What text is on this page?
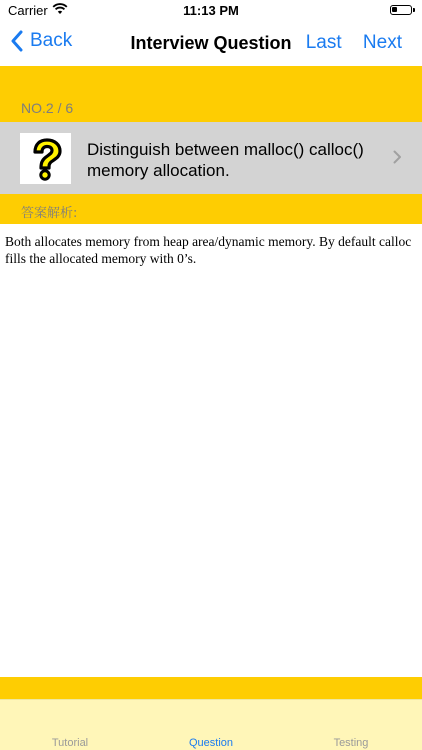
Carrier	11:13 PM
Back	Interview Question Last Next
NO.2 / 6
Distinguish between malloc() calloc() memory allocation.
答案解析:
Both allocates memory from heap area/dynamic memory. By default calloc fills the allocated memory with 0’s.
Tutorial	Question	Testing
